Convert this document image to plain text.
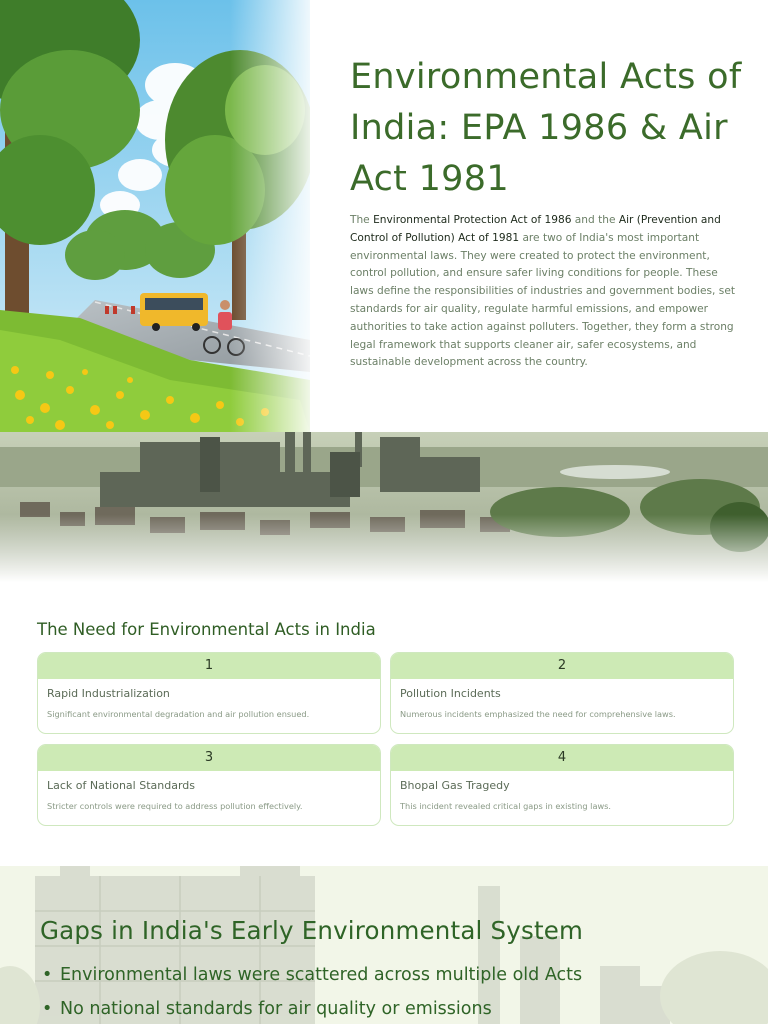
Environmental Acts of India: EPA 1986 & Air Act 1981

The Environmental Protection Act of 1986 and the Air (Prevention and Control of Pollution) Act of 1981 are two of India's most important environmental laws. They were created to protect the environment, control pollution, and ensure safer living conditions for people. These laws define the responsibilities of industries and government bodies, set standards for air quality, regulate harmful emissions, and empower authorities to take action against polluters. Together, they form a strong legal framework that supports cleaner air, safer ecosystems, and sustainable development across the country.

The Need for Environmental Acts in India
1
Rapid Industrialization
Significant environmental degradation and air pollution ensued.
2
Pollution Incidents
Numerous incidents emphasized the need for comprehensive laws.
3
Lack of National Standards
Stricter controls were required to address pollution effectively.
4
Bhopal Gas Tragedy
This incident revealed critical gaps in existing laws.
Gaps in India's Early Environmental System
• Environmental laws were scattered across multiple old Acts
• No national standards for air quality or emissions
